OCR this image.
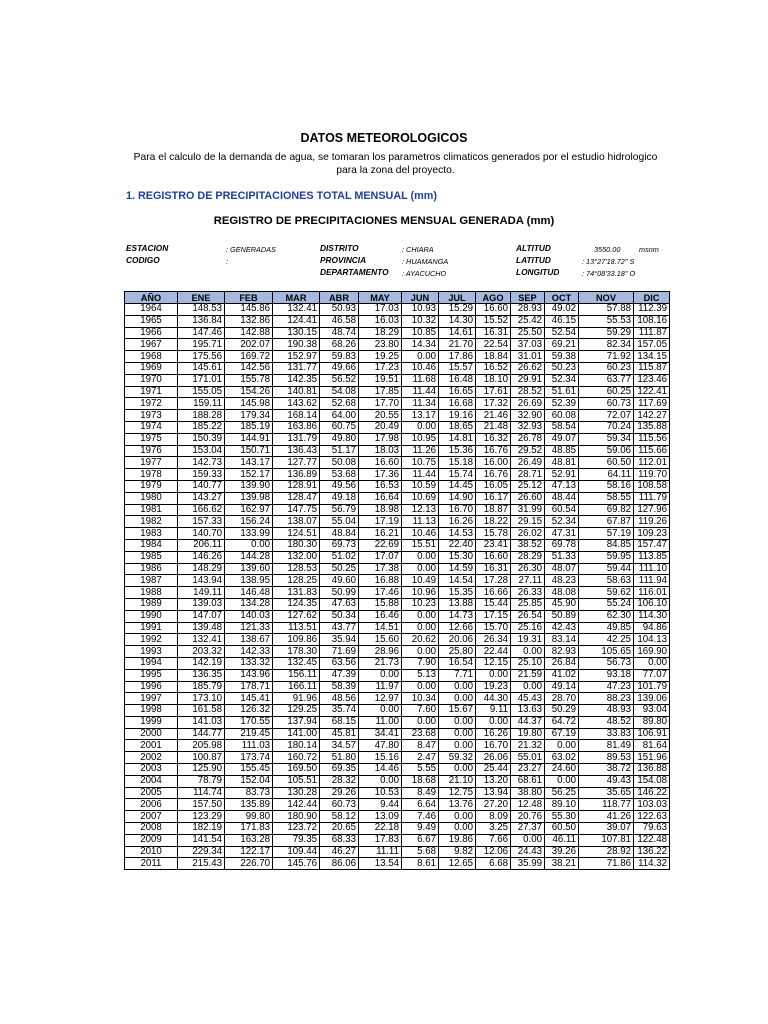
DATOS METEOROLOGICOS
Para el calculo de la demanda de agua, se tomaran los parametros climaticos generados por el estudio hidrologico para la zona del proyecto.
1. REGISTRO DE PRECIPITACIONES TOTAL MENSUAL (mm)
REGISTRO DE PRECIPITACIONES MENSUAL GENERADA (mm)
ESTACION	: GENERADAS
CODIGO	:
DISTRITO	: CHIARA
PROVINCIA	: HUAMANGA
DEPARTAMENTO : AYACUCHO
ALTITUD	3550.00	msnm
LATITUD	: 13°27'18.72" S
LONGITUD	: 74°08'33.18" O
AÑO	ENE	FEB	MAR	ABR	MAY	JUN	JUL	AGO	SEP	OCT	NOV	DIC
1964	148.53	145.86	132.41	50.93	17.03	10.93	15.29	16.60	28.93	49.02	57.88	112.39
1965	136.84	132.86	124.41	46.58	16.03	10.32	14.30	15.52	25.42	46.15	55.53	108.16
1966	147.46	142.88	130.15	48.74	18.29	10.85	14.61	16.31	25.50	52.54	59.29	111.87
1967	195.71	202.07	190.38	68.26	23.80	14.34	21.70	22.54	37.03	69.21	82.34	157.05
1968	175.56	169.72	152.97	59.83	19.25	0.00	17.86	18.84	31.01	59.38	71.92	134.15
1969	145.61	142.56	131.77	49.66	17.23	10.46	15.57	16.52	26.62	50.23	60.23	115.87
1970	171.01	155.78	142.35	56.52	19.51	11.68	16.48	18.10	29.91	52.34	63.77	123.46
1971	155.05	154.26	140.81	54.08	17.85	11.44	16.65	17.61	28.52	51.61	60.25	122.41
1972	159.11	145.98	143.62	52.68	17.70	11.34	16.68	17.32	26.69	52.39	60.73	117.69
1973	188.28	179.34	168.14	64.00	20.55	13.17	19.16	21.46	32.90	60.08	72.07	142.27
1974	185.22	185.19	163.86	60.75	20.49	0.00	18.65	21.48	32.93	58.54	70.24	135.88
1975	150.39	144.91	131.79	49.80	17.98	10.95	14.81	16.32	26.78	49.07	59.34	115.56
1976	153.04	150.71	136.43	51.17	18.03	11.26	15.36	16.76	29.52	48.85	59.06	115.66
1977	142.73	143.17	127.77	50.08	16.60	10.75	15.18	16.00	26.49	48.81	60.50	112.01
1978	159.33	152.17	136.89	53.68	17.36	11.44	15.74	16.76	28.71	52.91	64.11	119.70
1979	140.77	139.90	128.91	49.56	16.53	10.59	14.45	16.05	25.12	47.13	58.16	108.58
1980	143.27	139.98	128.47	49.18	16.64	10.69	14.90	16.17	26.60	48.44	58.55	111.79
1981	166.62	162.97	147.75	56.79	18.98	12.13	16.70	18.87	31.99	60.54	69.82	127.96
1982	157.33	156.24	138.07	55.04	17.19	11.13	16.26	18.22	29.15	52.34	67.87	119.26
1983	140.70	133.99	124.51	48.84	16.21	10.46	14.53	15.78	26.02	47.31	57.19	109.23
1984	206.11	0.00	180.30	69.73	22.69	15.51	22.40	23.41	38.52	69.78	84.85	157.47
1985	146.26	144.28	132.00	51.02	17.07	0.00	15.30	16.60	28.29	51.33	59.95	113.85
1986	148.29	139.60	128.53	50.25	17.38	0.00	14.59	16.31	26.30	48.07	59.44	111.10
1987	143.94	138.95	128.25	49.60	16.88	10.49	14.54	17.28	27.11	48.23	58.63	111.94
1988	149.11	146.48	131.83	50.99	17.46	10.96	15.35	16.66	26.33	48.08	59.62	116.01
1989	139.03	134.28	124.35	47.63	15.88	10.23	13.88	15.44	25.85	45.90	55.24	106.10
1990	147.07	140.03	127.62	50.34	16.46	0.00	14.73	17.15	26.54	50.89	62.30	114.30
1991	139.48	121.33	113.51	43.77	14.51	0.00	12.66	15.70	25.16	42.43	49.85	94.86
1992	132.41	138.67	109.86	35.94	15.60	20.62	20.06	26.34	19.31	83.14	42.25	104.13
1993	203.32	142.33	178.30	71.69	28.96	0.00	25.80	22.44	0.00	82.93	105.65	169.90
1994	142.19	133.32	132.45	63.56	21.73	7.90	16.54	12.15	25.10	26.84	56.73	0.00
1995	136.35	143.96	156.11	47.39	0.00	5.13	7.71	0.00	21.59	41.02	93.18	77.07
1996	185.79	178.71	166.11	58.39	11.97	0.00	0.00	19.23	0.00	49.14	47.23	101.79
1997	173.10	145.41	91.96	48.56	12.97	10.34	0.00	44.30	45.43	28.70	88.23	139.06
1998	161.58	126.32	129.25	35.74	0.00	7.60	15.67	9.11	13.63	50.29	48.93	93.04
1999	141.03	170.55	137.94	68.15	11.00	0.00	0.00	0.00	44.37	64.72	48.52	89.80
2000	144.77	219.45	141.00	45.81	34.41	23.68	0.00	16.26	19.80	67.19	33.83	106.91
2001	205.98	111.03	180.14	34.57	47.80	8.47	0.00	16.70	21.32	0.00	81.49	81.64
2002	100.87	173.74	160.72	51.80	15.16	2.47	59.32	26.06	55.01	63.02	89.53	151.96
2003	125.90	155.45	169.50	69.35	14.46	5.55	0.00	25.44	23.27	24.60	38.72	136.88
2004	78.79	152.04	105.51	28.32	0.00	18.68	21.10	13.20	68.61	0.00	49.43	154.08
2005	114.74	83.73	130.28	29.26	10.53	8.49	12.75	13.94	38.80	56.25	35.65	146.22
2006	157.50	135.89	142.44	60.73	9.44	6.64	13.76	27.20	12.48	89.10	118.77	103.03
2007	123.29	99.80	180.90	58.12	13.09	7.46	0.00	8.09	20.76	55.30	41.26	122.63
2008	182.19	171.83	123.72	20.65	22.18	9.49	0.00	3.25	27.37	60.50	39.07	79.63
2009	141.54	163.28	79.35	68.33	17.83	6.67	19.86	7.66	0.00	46.11	107.81	122.48
2010	229.34	122.17	109.44	46.27	11.11	5.68	9.82	12.06	24.43	39.26	28.92	136.22
2011	215.43	226.70	145.76	86.06	13.54	8.61	12.65	6.68	35.99	38.21	71.86	114.32
